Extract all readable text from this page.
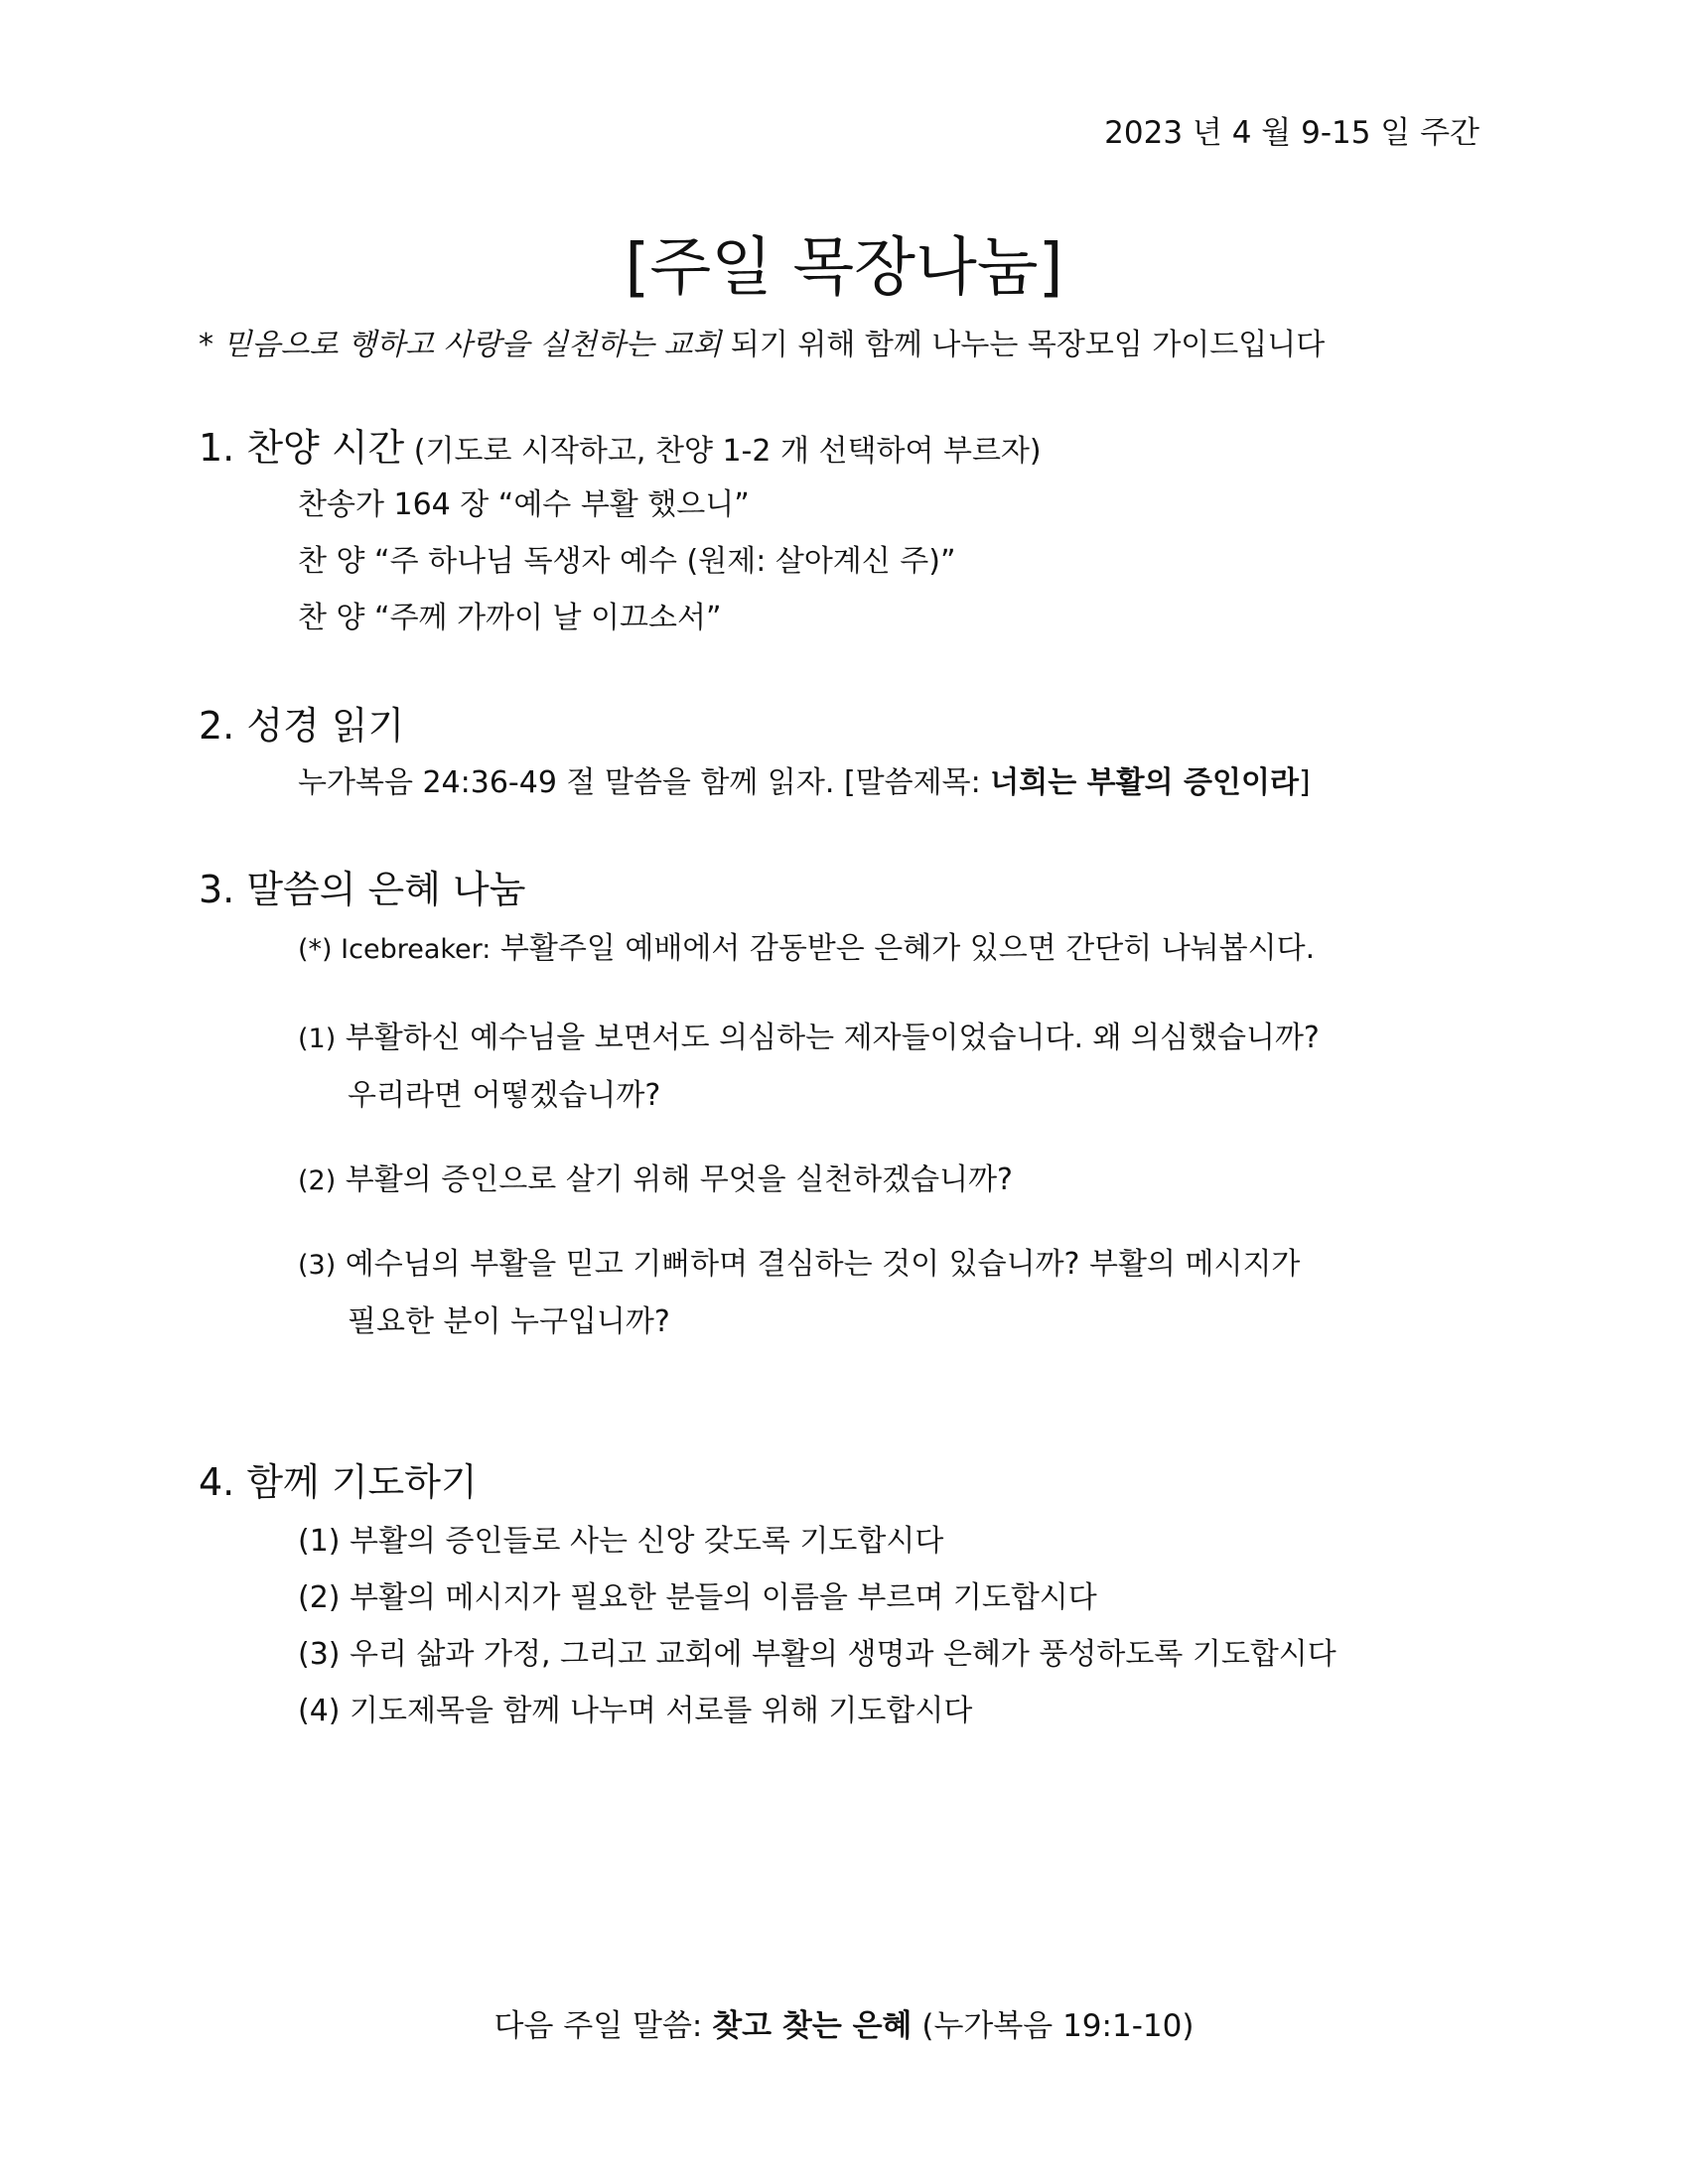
2023 년 4 월 9-15 일 주간
[주일 목장나눔]
* 믿음으로 행하고 사랑을 실천하는 교회 되기 위해 함께 나누는 목장모임 가이드입니다
1. 찬양 시간 (기도로 시작하고, 찬양 1-2 개 선택하여 부르자)
찬송가 164 장 “예수 부활 했으니”
찬 양 “주 하나님 독생자 예수 (원제: 살아계신 주)”
찬 양 “주께 가까이 날 이끄소서”
2. 성경 읽기
누가복음 24:36-49 절 말씀을 함께 읽자. [말씀제목: 너희는 부활의 증인이라]
3. 말씀의 은혜 나눔
(*) Icebreaker: 부활주일 예배에서 감동받은 은혜가 있으면 간단히 나눠봅시다.
(1) 부활하신 예수님을 보면서도 의심하는 제자들이었습니다. 왜 의심했습니까?
우리라면 어떻겠습니까?
(2) 부활의 증인으로 살기 위해 무엇을 실천하겠습니까?
(3) 예수님의 부활을 믿고 기뻐하며 결심하는 것이 있습니까? 부활의 메시지가
필요한 분이 누구입니까?
4. 함께 기도하기
(1) 부활의 증인들로 사는 신앙 갖도록 기도합시다
(2) 부활의 메시지가 필요한 분들의 이름을 부르며 기도합시다
(3) 우리 삶과 가정, 그리고 교회에 부활의 생명과 은혜가 풍성하도록 기도합시다
(4) 기도제목을 함께 나누며 서로를 위해 기도합시다
다음 주일 말씀: 찾고 찾는 은혜 (누가복음 19:1-10)
